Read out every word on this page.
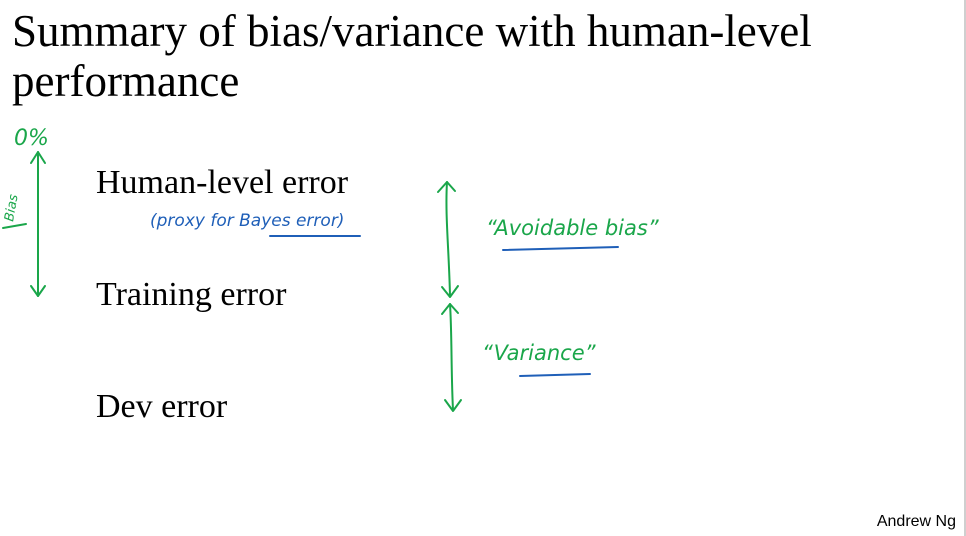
Summary of bias/variance with human-level performance
Human-level error
Training error
Dev error
0%
Bias	(proxy for Bayes error)	“Avoidable bias”
“Variance”
Andrew Ng
